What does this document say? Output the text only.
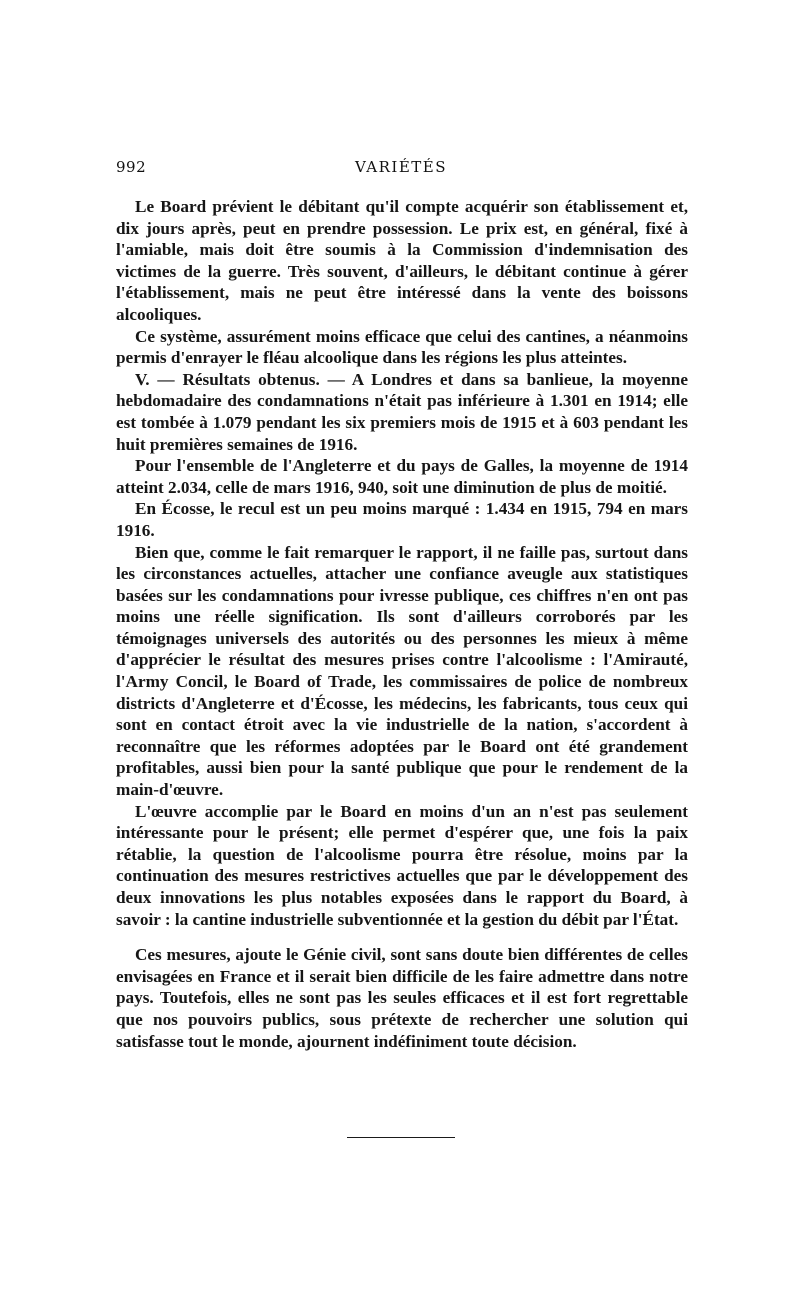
992	VARIÉTÉS

Le Board prévient le débitant qu'il compte acquérir son établissement et, dix jours après, peut en prendre possession. Le prix est, en général, fixé à l'amiable, mais doit être soumis à la Commission d'indemnisation des victimes de la guerre. Très souvent, d'ailleurs, le débitant continue à gérer l'établissement, mais ne peut être intéressé dans la vente des boissons alcooliques.

Ce système, assurément moins efficace que celui des cantines, a néanmoins permis d'enrayer le fléau alcoolique dans les régions les plus atteintes.

V. — Résultats obtenus. — A Londres et dans sa banlieue, la moyenne hebdomadaire des condamnations n'était pas inférieure à 1.301 en 1914; elle est tombée à 1.079 pendant les six premiers mois de 1915 et à 603 pendant les huit premières semaines de 1916.

Pour l'ensemble de l'Angleterre et du pays de Galles, la moyenne de 1914 atteint 2.034, celle de mars 1916, 940, soit une diminution de plus de moitié.

En Écosse, le recul est un peu moins marqué : 1.434 en 1915, 794 en mars 1916.

Bien que, comme le fait remarquer le rapport, il ne faille pas, surtout dans les circonstances actuelles, attacher une confiance aveugle aux statistiques basées sur les condamnations pour ivresse publique, ces chiffres n'en ont pas moins une réelle signification. Ils sont d'ailleurs corroborés par les témoignages universels des autorités ou des personnes les mieux à même d'apprécier le résultat des mesures prises contre l'alcoolisme : l'Amirauté, l'Army Concil, le Board of Trade, les commissaires de police de nombreux districts d'Angleterre et d'Écosse, les médecins, les fabricants, tous ceux qui sont en contact étroit avec la vie industrielle de la nation, s'accordent à reconnaître que les réformes adoptées par le Board ont été grandement profitables, aussi bien pour la santé publique que pour le rendement de la main-d'œuvre.

L'œuvre accomplie par le Board en moins d'un an n'est pas seulement intéressante pour le présent; elle permet d'espérer que, une fois la paix rétablie, la question de l'alcoolisme pourra être résolue, moins par la continuation des mesures restrictives actuelles que par le développement des deux innovations les plus notables exposées dans le rapport du Board, à savoir : la cantine industrielle subventionnée et la gestion du débit par l'État.

Ces mesures, ajoute le Génie civil, sont sans doute bien différentes de celles envisagées en France et il serait bien difficile de les faire admettre dans notre pays. Toutefois, elles ne sont pas les seules efficaces et il est fort regrettable que nos pouvoirs publics, sous prétexte de rechercher une solution qui satisfasse tout le monde, ajournent indéfiniment toute décision.
